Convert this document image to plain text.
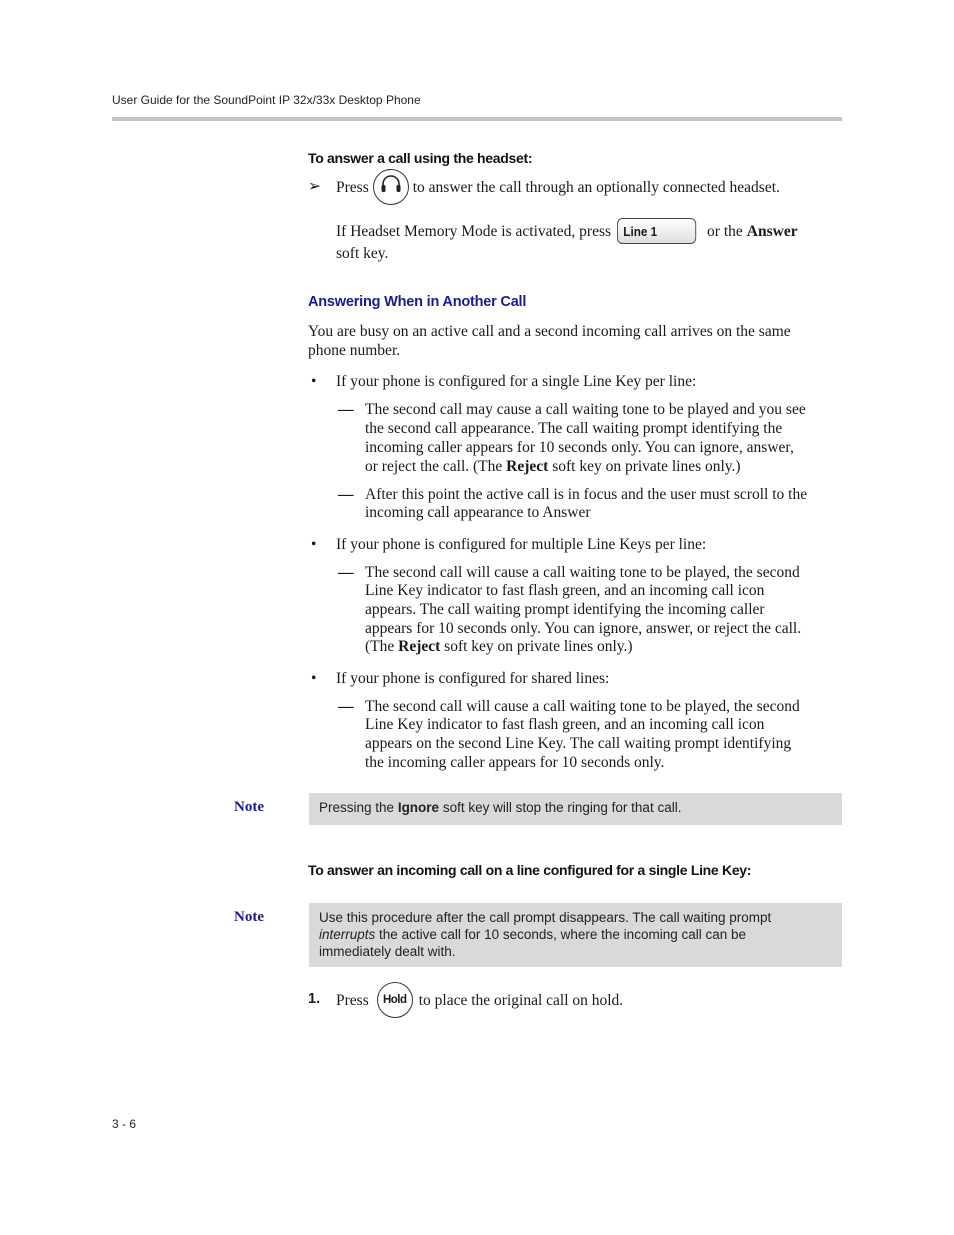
User Guide for the SoundPoint IP 32x/33x Desktop Phone
To answer a call using the headset:
➢ Press	to answer the call through an optionally connected headset.
If Headset Memory Mode is activated, press Line 1	or the Answer
soft key.
Answering When in Another Call
You are busy on an active call and a second incoming call arrives on the same
phone number.
• If your phone is configured for a single Line Key per line:
— The second call may cause a call waiting tone to be played and you see
the second call appearance. The call waiting prompt identifying the
incoming caller appears for 10 seconds only. You can ignore, answer,
or reject the call. (The Reject soft key on private lines only.)
— After this point the active call is in focus and the user must scroll to the
incoming call appearance to Answer
• If your phone is configured for multiple Line Keys per line:
— The second call will cause a call waiting tone to be played, the second
Line Key indicator to fast flash green, and an incoming call icon
appears. The call waiting prompt identifying the incoming caller
appears for 10 seconds only. You can ignore, answer, or reject the call.
(The Reject soft key on private lines only.)
• If your phone is configured for shared lines:
— The second call will cause a call waiting tone to be played, the second
Line Key indicator to fast flash green, and an incoming call icon
appears on the second Line Key. The call waiting prompt identifying
the incoming caller appears for 10 seconds only.
Note	Pressing the Ignore soft key will stop the ringing for that call.
To answer an incoming call on a line configured for a single Line Key:
Note	Use this procedure after the call prompt disappears. The call waiting prompt
interrupts the active call for 10 seconds, where the incoming call can be
immediately dealt with.
1. Press Hold to place the original call on hold.
3 - 6
